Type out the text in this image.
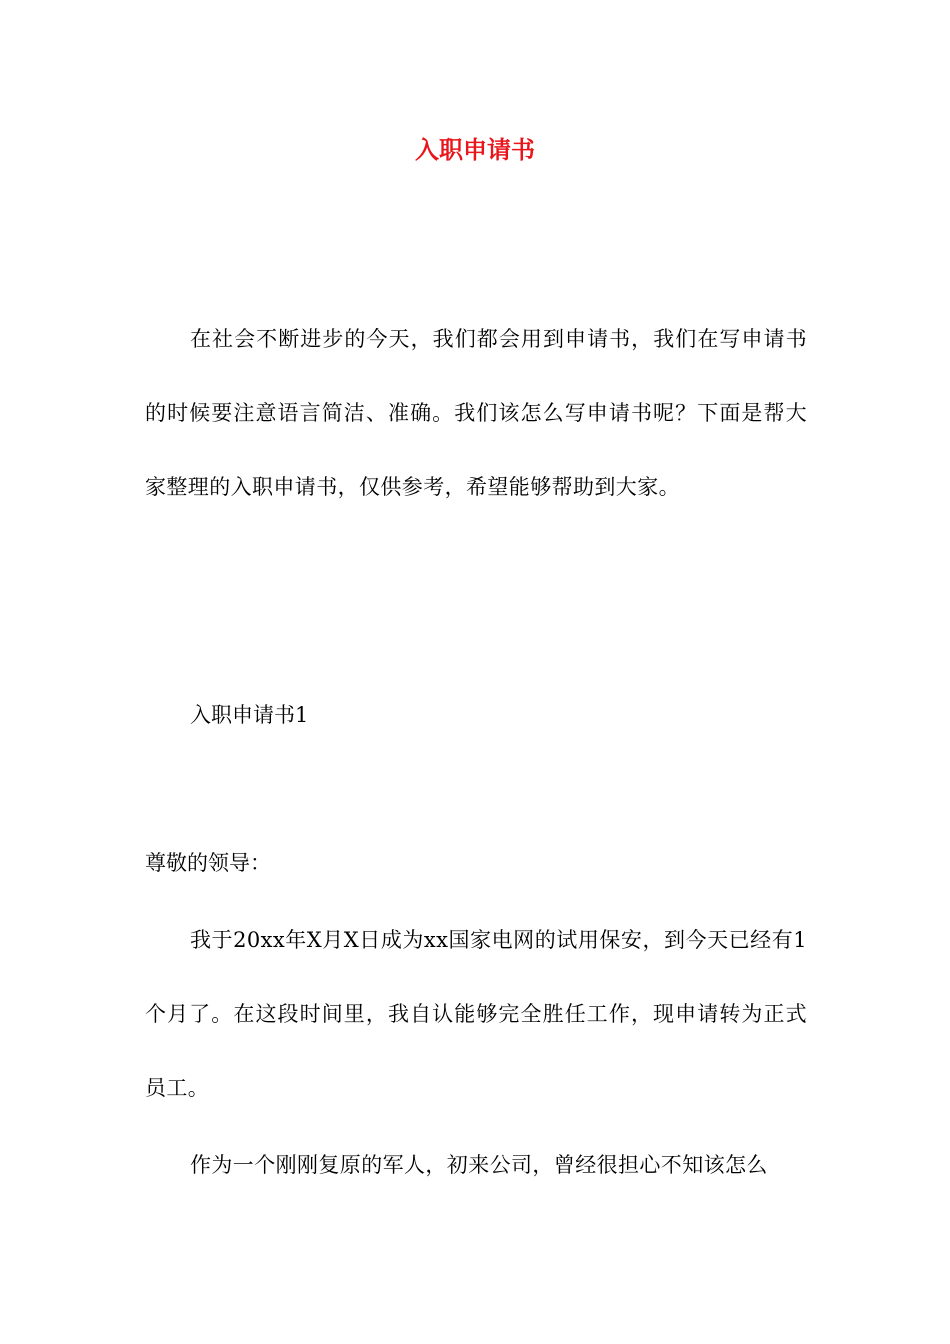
入职申请书

在社会不断进步的今天，我们都会用到申请书，我们在写申请书的时候要注意语言简洁、准确。我们该怎么写申请书呢？下面是帮大家整理的入职申请书，仅供参考，希望能够帮助到大家。

入职申请书1

尊敬的领导：

我于20xx年X月X日成为xx国家电网的试用保安，到今天已经有1个月了。在这段时间里，我自认能够完全胜任工作，现申请转为正式员工。

作为一个刚刚复原的军人，初来公司，曾经很担心不知该怎么
